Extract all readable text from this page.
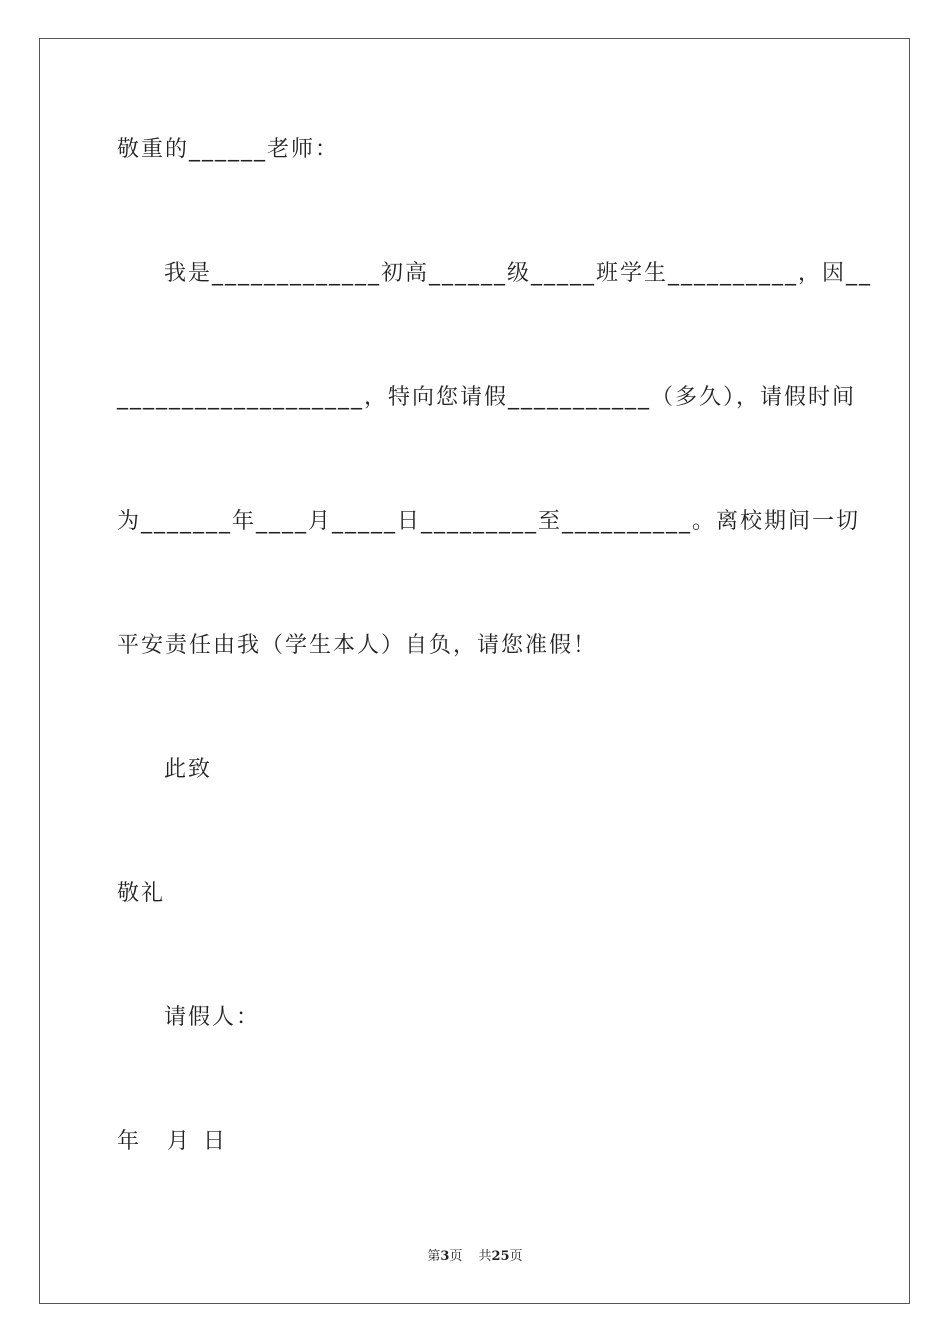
敬重的______老师：
我是_____________初高______级_____班学生__________，因__
___________________，特向您请假___________（多久），请假时间
为_______年____月_____日_________至__________。离校期间一切
平安责任由我（学生本人）自负，请您准假！
此致
敬礼
请假人：
年 月 日
第3页 共25页
